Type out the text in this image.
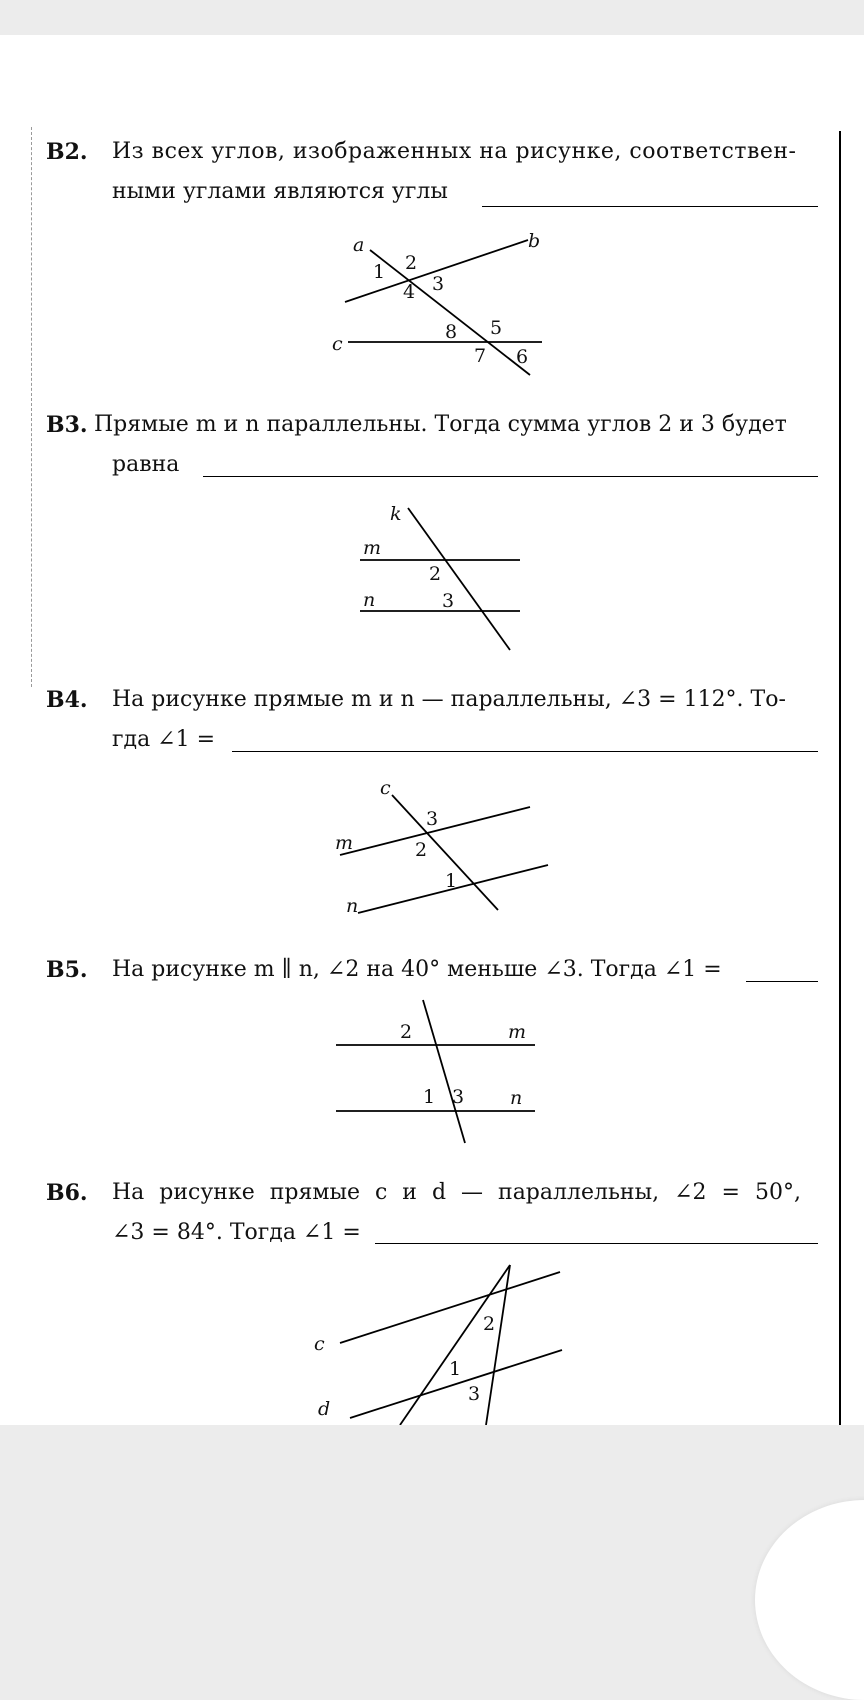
B2. Из всех углов, изображенных на рисунке, соответствен-
ными углами являются углы
a	b
c
1 2
3
4
5
6
7
8
B3. Прямые m и n параллельны. Тогда сумма углов 2 и 3 будет
равна
k
m
n
2
3
B4. На рисунке прямые m и n — параллельны, ∠3 = 112°. То-
гда ∠1 =
c
m
n
3
2
1
B5. На рисунке m ∥ n, ∠2 на 40° меньше ∠3. Тогда ∠1 =
m
n
2
1 3
B6. На рисунке прямые c и d — параллельны, ∠2 = 50°,
∠3 = 84°. Тогда ∠1 =
c
d
2
1
3
